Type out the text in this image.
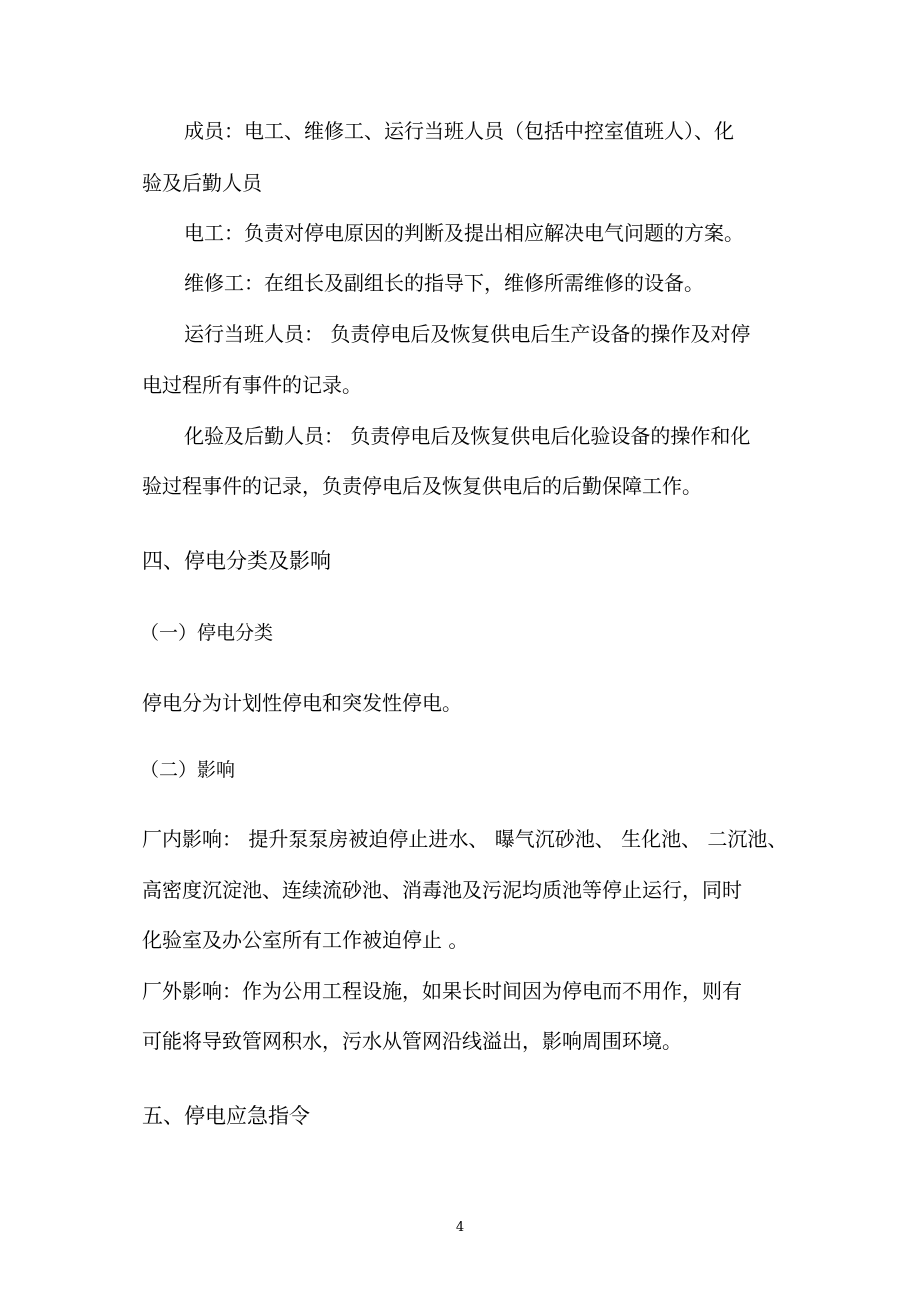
成员：电工、维修工、运行当班人员（包括中控室值班人）、化

验及后勤人员

电工：负责对停电原因的判断及提出相应解决电气问题的方案。

维修工：在组长及副组长的指导下，维修所需维修的设备。

运行当班人员： 负责停电后及恢复供电后生产设备的操作及对停

电过程所有事件的记录。

化验及后勤人员： 负责停电后及恢复供电后化验设备的操作和化

验过程事件的记录，负责停电后及恢复供电后的后勤保障工作。

四、停电分类及影响

（一）停电分类

停电分为计划性停电和突发性停电。

（二）影响

厂内影响： 提升泵泵房被迫停止进水、 曝气沉砂池、 生化池、 二沉池、

高密度沉淀池、连续流砂池、消毒池及污泥均质池等停止运行，同时

化验室及办公室所有工作被迫停止 。

厂外影响：作为公用工程设施，如果长时间因为停电而不用作，则有

可能将导致管网积水，污水从管网沿线溢出，影响周围环境。

五、停电应急指令

4
